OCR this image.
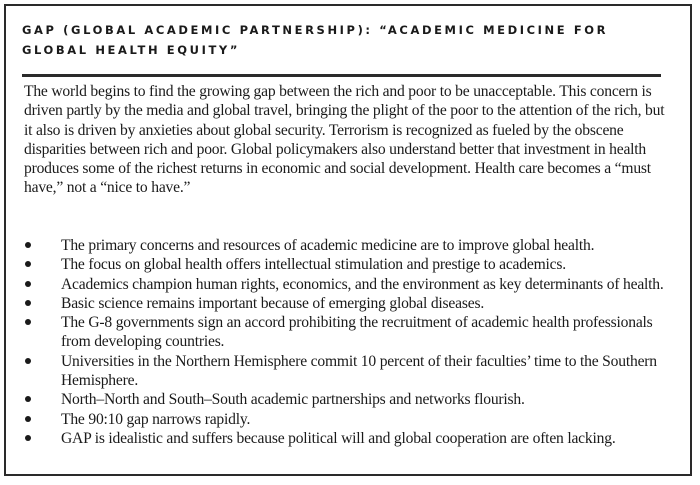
GAP (GLOBAL ACADEMIC PARTNERSHIP): “ACADEMIC MEDICINE FOR GLOBAL HEALTH EQUITY”

The world begins to find the growing gap between the rich and poor to be unacceptable. This concern is driven partly by the media and global travel, bringing the plight of the poor to the attention of the rich, but it also is driven by anxieties about global security. Terrorism is recognized as fueled by the obscene disparities between rich and poor. Global policymakers also understand better that investment in health produces some of the richest returns in economic and social development. Health care becomes a “must have,” not a “nice to have.”

The primary concerns and resources of academic medicine are to improve global health.
The focus on global health offers intellectual stimulation and prestige to academics.
Academics champion human rights, economics, and the environment as key determinants of health.
Basic science remains important because of emerging global diseases.
The G-8 governments sign an accord prohibiting the recruitment of academic health professionals from developing countries.
Universities in the Northern Hemisphere commit 10 percent of their faculties’ time to the Southern Hemisphere.
North–North and South–South academic partnerships and networks flourish.
The 90:10 gap narrows rapidly.
GAP is idealistic and suffers because political will and global cooperation are often lacking.
